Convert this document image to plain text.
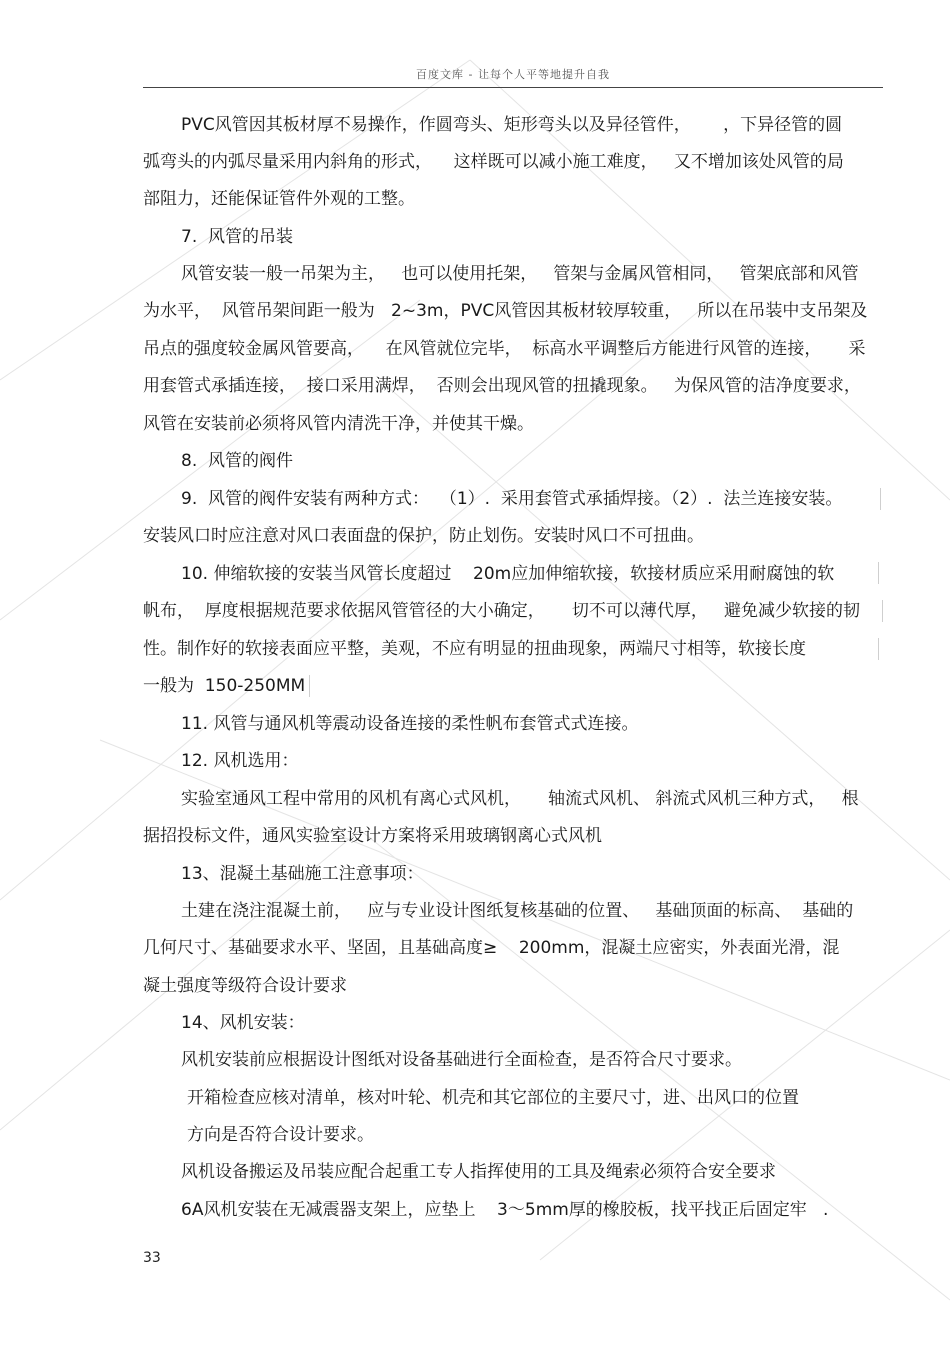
百度文库 - 让每个人平等地提升自我
PVC风管因其板材厚不易操作，作圆弯头、矩形弯头以及异径管件，      ，下异径管的圆
弧弯头的内弧尽量采用内斜角的形式，    这样既可以减小施工难度，   又不增加该处风管的局
部阻力，还能保证管件外观的工整。
7.  风管的吊装
风管安装一般一吊架为主，   也可以使用托架，   管架与金属风管相同，   管架底部和风管
为水平，  风管吊架间距一般为   2~3m，PVC风管因其板材较厚较重，   所以在吊装中支吊架及
吊点的强度较金属风管要高，    在风管就位完毕，  标高水平调整后方能进行风管的连接，     采
用套管式承插连接，  接口采用满焊，  否则会出现风管的扭撬现象。   为保风管的洁净度要求，
风管在安装前必须将风管内清洗干净，并使其干燥。
8.  风管的阀件
9.  风管的阀件安装有两种方式：  （1）.  采用套管式承插焊接。（2）.  法兰连接安装。
安装风口时应注意对风口表面盘的保护，防止划伤。安装时风口不可扭曲。
10. 伸缩软接的安装当风管长度超过    20m应加伸缩软接，软接材质应采用耐腐蚀的软
帆布，  厚度根据规范要求依据风管管径的大小确定，     切不可以薄代厚，   避免减少软接的韧
性。制作好的软接表面应平整，美观，不应有明显的扭曲现象，两端尺寸相等，软接长度
一般为  150-250MM
11. 风管与通风机等震动设备连接的柔性帆布套管式式连接。
12. 风机选用：
实验室通风工程中常用的风机有离心式风机，     轴流式风机、 斜流式风机三种方式，   根
据招投标文件，通风实验室设计方案将采用玻璃钢离心式风机
13、混凝土基础施工注意事项：
土建在浇注混凝土前，   应与专业设计图纸复核基础的位置、   基础顶面的标高、  基础的
几何尺寸、基础要求水平、坚固，且基础高度≥    200mm，混凝土应密实，外表面光滑，混
凝土强度等级符合设计要求
14、风机安装：
风机安装前应根据设计图纸对设备基础进行全面检查，是否符合尺寸要求。
开箱检查应核对清单，核对叶轮、机壳和其它部位的主要尺寸，进、出风口的位置
方向是否符合设计要求。
风机设备搬运及吊装应配合起重工专人指挥使用的工具及绳索必须符合安全要求
6A风机安装在无减震器支架上，应垫上    3～5mm厚的橡胶板，找平找正后固定牢   .
33
